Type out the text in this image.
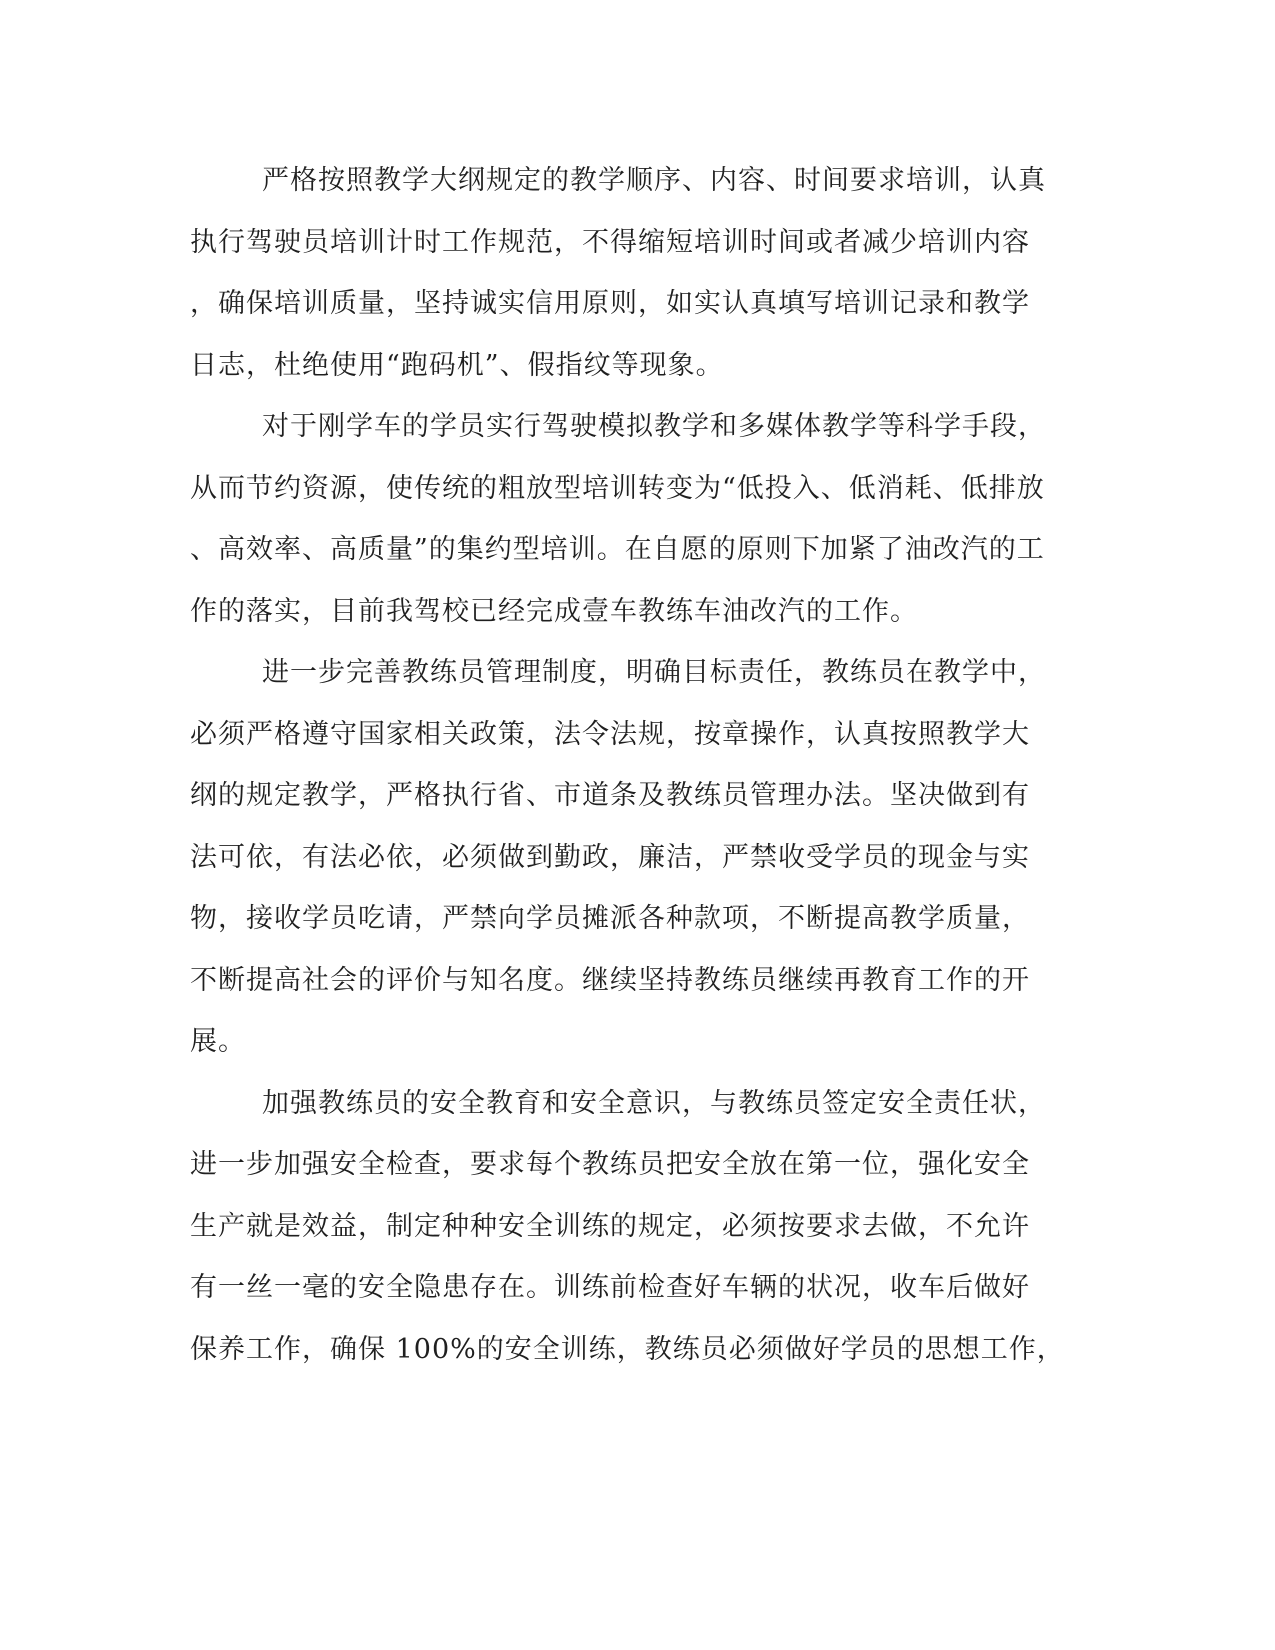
严格按照教学大纲规定的教学顺序、内容、时间要求培训，认真
执行驾驶员培训计时工作规范，不得缩短培训时间或者减少培训内容
，确保培训质量，坚持诚实信用原则，如实认真填写培训记录和教学
日志，杜绝使用“跑码机”、假指纹等现象。
对于刚学车的学员实行驾驶模拟教学和多媒体教学等科学手段，
从而节约资源，使传统的粗放型培训转变为“低投入、低消耗、低排放
、高效率、高质量”的集约型培训。在自愿的原则下加紧了油改汽的工
作的落实，目前我驾校已经完成壹车教练车油改汽的工作。
进一步完善教练员管理制度，明确目标责任，教练员在教学中，
必须严格遵守国家相关政策，法令法规，按章操作，认真按照教学大
纲的规定教学，严格执行省、市道条及教练员管理办法。坚决做到有
法可依，有法必依，必须做到勤政，廉洁，严禁收受学员的现金与实
物，接收学员吃请，严禁向学员摊派各种款项，不断提高教学质量，
不断提高社会的评价与知名度。继续坚持教练员继续再教育工作的开
展。
加强教练员的安全教育和安全意识，与教练员签定安全责任状，
进一步加强安全检查，要求每个教练员把安全放在第一位，强化安全
生产就是效益，制定种种安全训练的规定，必须按要求去做，不允许
有一丝一毫的安全隐患存在。训练前检查好车辆的状况，收车后做好
保养工作，确保 100%的安全训练，教练员必须做好学员的思想工作，
